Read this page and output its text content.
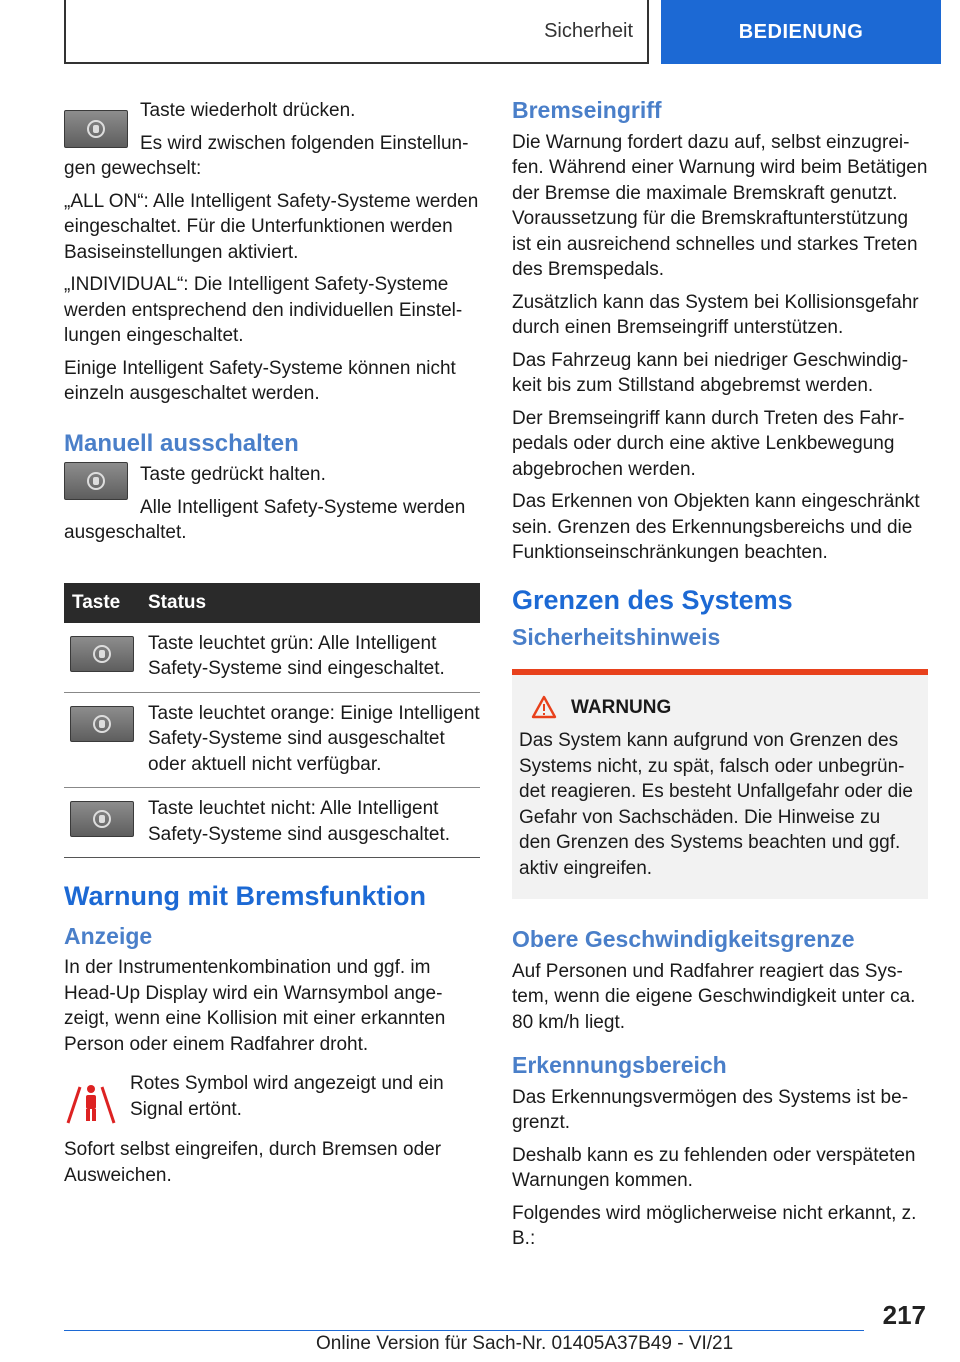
Sicherheit	BEDIENUNG

Taste wiederholt drücken.

Es wird zwischen folgenden Einstellungen gewechselt:

„ALL ON“: Alle Intelligent Safety-Systeme werden eingeschaltet. Für die Unterfunktionen werden Basiseinstellungen aktiviert.

„INDIVIDUAL“: Die Intelligent Safety-Systeme werden entsprechend den individuellen Einstellungen eingeschaltet.

Einige Intelligent Safety-Systeme können nicht einzeln ausgeschaltet werden.

Manuell ausschalten

Taste gedrückt halten.

Alle Intelligent Safety-Systeme werden ausgeschaltet.

Taste	Status
Taste leuchtet grün: Alle Intelligent Safety-Systeme sind eingeschaltet.
Taste leuchtet orange: Einige Intelligent Safety-Systeme sind ausgeschaltet oder aktuell nicht verfügbar.
Taste leuchtet nicht: Alle Intelligent Safety-Systeme sind ausgeschaltet.
Warnung mit Bremsfunktion
Anzeige

In der Instrumentenkombination und ggf. im Head-Up Display wird ein Warnsymbol angezeigt, wenn eine Kollision mit einer erkannten Person oder einem Radfahrer droht.

Rotes Symbol wird angezeigt und ein Signal ertönt.

Sofort selbst eingreifen, durch Bremsen oder Ausweichen.

Bremseingriff

Die Warnung fordert dazu auf, selbst einzugreifen. Während einer Warnung wird beim Betätigen der Bremse die maximale Bremskraft genutzt. Voraussetzung für die Bremskraftunterstützung ist ein ausreichend schnelles und starkes Treten des Bremspedals.

Zusätzlich kann das System bei Kollisionsgefahr durch einen Bremseingriff unterstützen.

Das Fahrzeug kann bei niedriger Geschwindigkeit bis zum Stillstand abgebremst werden.

Der Bremseingriff kann durch Treten des Fahrpedals oder durch eine aktive Lenkbewegung abgebrochen werden.

Das Erkennen von Objekten kann eingeschränkt sein. Grenzen des Erkennungsbereichs und die Funktionseinschränkungen beachten.

Grenzen des Systems
Sicherheitshinweis
WARNUNG
Das System kann aufgrund von Grenzen des Systems nicht, zu spät, falsch oder unbegründet reagieren. Es besteht Unfallgefahr oder die Gefahr von Sachschäden. Die Hinweise zu den Grenzen des Systems beachten und ggf. aktiv eingreifen.
Obere Geschwindigkeitsgrenze

Auf Personen und Radfahrer reagiert das System, wenn die eigene Geschwindigkeit unter ca. 80 km/h liegt.

Erkennungsbereich

Das Erkennungsvermögen des Systems ist begrenzt.

Deshalb kann es zu fehlenden oder verspäteten Warnungen kommen.

Folgendes wird möglicherweise nicht erkannt, z. B.:

217
Online Version für Sach-Nr. 01405A37B49 - VI/21
